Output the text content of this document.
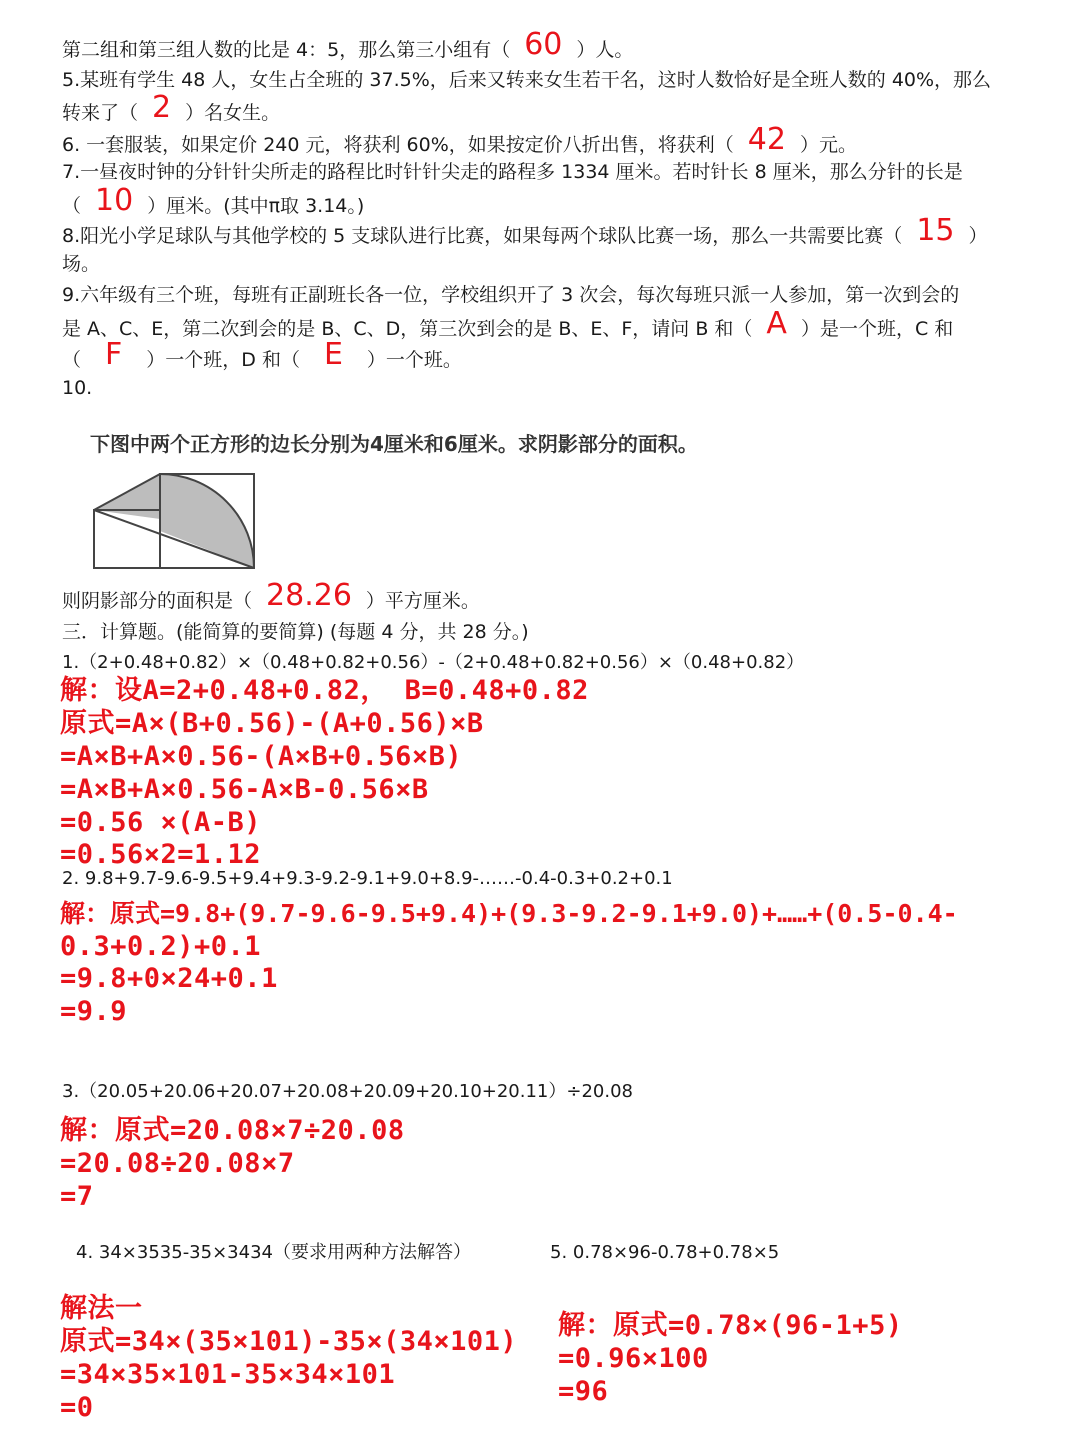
第二组和第三组人数的比是 4：5，那么第三小组有（ 60 ）人。
5.某班有学生 48 人，女生占全班的 37.5%，后来又转来女生若干名，这时人数恰好是全班人数的 40%，那么
转来了（ 2 ）名女生。
6. 一套服装，如果定价 240 元，将获利 60%，如果按定价八折出售，将获利（ 42 ）元。
7.一昼夜时钟的分针针尖所走的路程比时针针尖走的路程多 1334 厘米。若时针长 8 厘米，那么分针的长是
（ 10 ）厘米。(其中π取 3.14。)
8.阳光小学足球队与其他学校的 5 支球队进行比赛，如果每两个球队比赛一场，那么一共需要比赛（ 15 ）
场。
9.六年级有三个班，每班有正副班长各一位，学校组织开了 3 次会，每次每班只派一人参加，第一次到会的
是 A、C、E，第二次到会的是 B、C、D，第三次到会的是 B、E、F，请问 B 和（ A ）是一个班，C 和
（ F ）一个班，D 和（ E ）一个班。
10.
下图中两个正方形的边长分别为4厘米和6厘米。求阴影部分的面积。
则阴影部分的面积是（ 28.26 ）平方厘米。
三．计算题。(能简算的要简算) (每题 4 分，共 28 分。)
1.（2+0.48+0.82）×（0.48+0.82+0.56）-（2+0.48+0.82+0.56）×（0.48+0.82）
解：设A=2+0.48+0.82， B=0.48+0.82
原式=A×(B+0.56)-(A+0.56)×B
=A×B+A×0.56-(A×B+0.56×B)
=A×B+A×0.56-A×B-0.56×B
=0.56 ×(A-B)
=0.56×2=1.12
2. 9.8+9.7-9.6-9.5+9.4+9.3-9.2-9.1+9.0+8.9-……-0.4-0.3+0.2+0.1
解：原式=9.8+(9.7-9.6-9.5+9.4)+(9.3-9.2-9.1+9.0)+……+(0.5-0.4-
0.3+0.2)+0.1
=9.8+0×24+0.1
=9.9
3.（20.05+20.06+20.07+20.08+20.09+20.10+20.11）÷20.08
解：原式=20.08×7÷20.08
=20.08÷20.08×7
=7
4. 34×3535-35×3434（要求用两种方法解答）	5. 0.78×96-0.78+0.78×5
解法一
原式=34×(35×101)-35×(34×101)
=34×35×101-35×34×101
=0
解：原式=0.78×(96-1+5)
=0.96×100
=96
